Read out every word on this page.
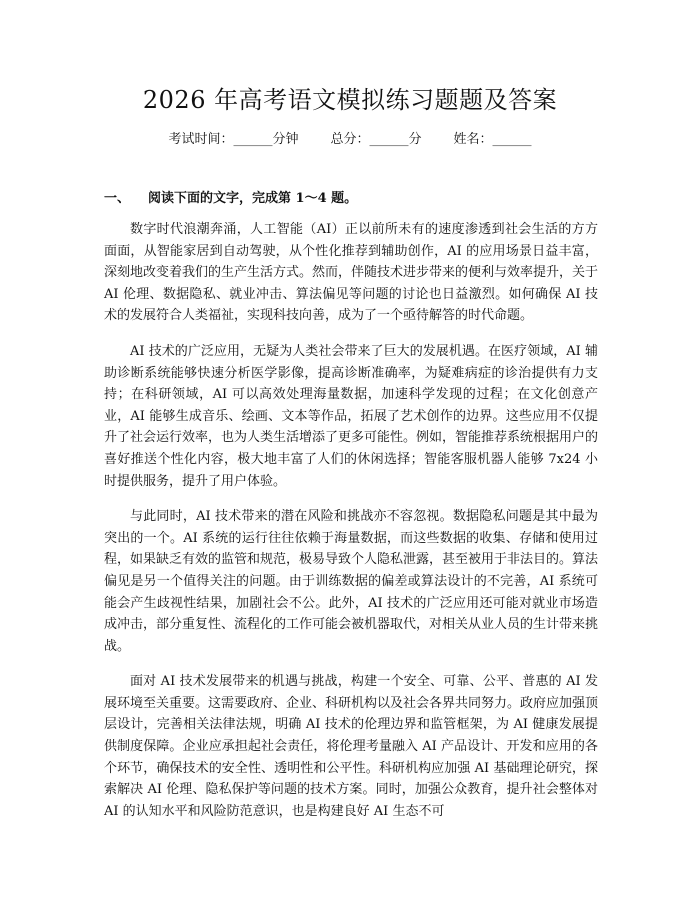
2026 年高考语文模拟练习题题及答案
考试时间：______分钟 总分：______分 姓名：______
一、 阅读下面的文字，完成第 1～4 题。

数字时代浪潮奔涌，人工智能（AI）正以前所未有的速度渗透到社会生活的方方面面，从智能家居到自动驾驶，从个性化推荐到辅助创作，AI 的应用场景日益丰富，深刻地改变着我们的生产生活方式。然而，伴随技术进步带来的便利与效率提升，关于 AI 伦理、数据隐私、就业冲击、算法偏见等问题的讨论也日益激烈。如何确保 AI 技术的发展符合人类福祉，实现科技向善，成为了一个亟待解答的时代命题。

AI 技术的广泛应用，无疑为人类社会带来了巨大的发展机遇。在医疗领域，AI 辅助诊断系统能够快速分析医学影像，提高诊断准确率，为疑难病症的诊治提供有力支持；在科研领域，AI 可以高效处理海量数据，加速科学发现的过程；在文化创意产业，AI 能够生成音乐、绘画、文本等作品，拓展了艺术创作的边界。这些应用不仅提升了社会运行效率，也为人类生活增添了更多可能性。例如，智能推荐系统根据用户的喜好推送个性化内容，极大地丰富了人们的休闲选择；智能客服机器人能够 7x24 小时提供服务，提升了用户体验。

与此同时，AI 技术带来的潜在风险和挑战亦不容忽视。数据隐私问题是其中最为突出的一个。AI 系统的运行往往依赖于海量数据，而这些数据的收集、存储和使用过程，如果缺乏有效的监管和规范，极易导致个人隐私泄露，甚至被用于非法目的。算法偏见是另一个值得关注的问题。由于训练数据的偏差或算法设计的不完善，AI 系统可能会产生歧视性结果，加剧社会不公。此外，AI 技术的广泛应用还可能对就业市场造成冲击，部分重复性、流程化的工作可能会被机器取代，对相关从业人员的生计带来挑战。

面对 AI 技术发展带来的机遇与挑战，构建一个安全、可靠、公平、普惠的 AI 发展环境至关重要。这需要政府、企业、科研机构以及社会各界共同努力。政府应加强顶层设计，完善相关法律法规，明确 AI 技术的伦理边界和监管框架，为 AI 健康发展提供制度保障。企业应承担起社会责任，将伦理考量融入 AI 产品设计、开发和应用的各个环节，确保技术的安全性、透明性和公平性。科研机构应加强 AI 基础理论研究，探索解决 AI 伦理、隐私保护等问题的技术方案。同时，加强公众教育，提升社会整体对 AI 的认知水平和风险防范意识，也是构建良好 AI 生态不可
